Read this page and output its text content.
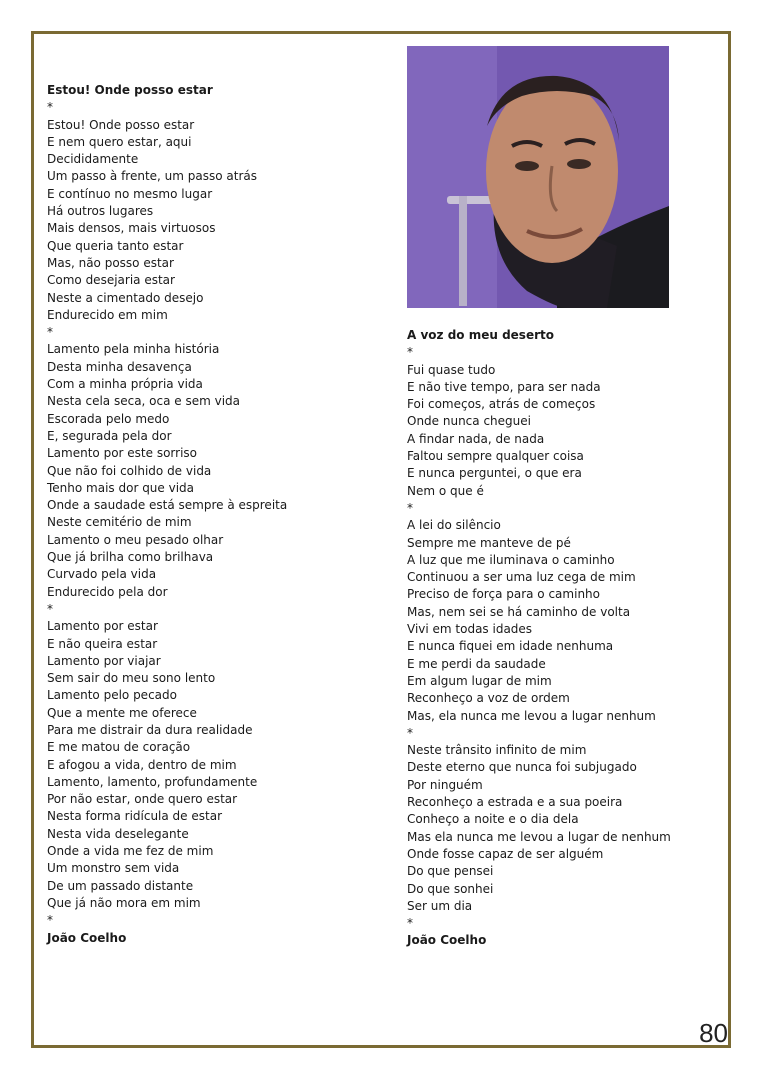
Estou! Onde posso estar
*
Estou! Onde posso estar
E nem quero estar, aqui
Decididamente
Um passo à frente, um passo atrás
E contínuo no mesmo lugar
Há outros lugares
Mais densos, mais virtuosos
Que queria tanto estar
Mas, não posso estar
Como desejaria estar
Neste a cimentado desejo
Endurecido em mim
*
Lamento pela minha história
Desta minha desavença
Com a minha própria vida
Nesta cela seca, oca e sem vida
Escorada pelo medo
E, segurada pela dor
Lamento por este sorriso
Que não foi colhido de vida
Tenho mais dor que vida
Onde a saudade está sempre à espreita
Neste cemitério de mim
Lamento o meu pesado olhar
Que já brilha como brilhava
Curvado pela vida
Endurecido pela dor
*
Lamento por estar
E não queira estar
Lamento por viajar
Sem sair do meu sono lento
Lamento pelo pecado
Que a mente me oferece
Para me distrair da dura realidade
E me matou de coração
E afogou a vida, dentro de mim
Lamento, lamento, profundamente
Por não estar, onde quero estar
Nesta forma ridícula de estar
Nesta vida deselegante
Onde a vida me fez de mim
Um monstro sem vida
De um passado distante
Que já não mora em mim
*
João Coelho
A voz do meu deserto
*
Fui quase tudo
E não tive tempo, para ser nada
Foi começos, atrás de começos
Onde nunca cheguei
A findar nada, de nada
Faltou sempre qualquer coisa
E nunca perguntei, o que era
Nem o que é
*
A lei do silêncio
Sempre me manteve de pé
A luz que me iluminava o caminho
Continuou a ser uma luz cega de mim
Preciso de força para o caminho
Mas, nem sei se há caminho de volta
Vivi em todas idades
E nunca fiquei em idade nenhuma
E me perdi da saudade
Em algum lugar de mim
Reconheço a voz de ordem
Mas, ela nunca me levou a lugar nenhum
*
Neste trânsito infinito de mim
Deste eterno que nunca foi subjugado
Por ninguém
Reconheço a estrada e a sua poeira
Conheço a noite e o dia dela
Mas ela nunca me levou a lugar de nenhum
Onde fosse capaz de ser alguém
Do que pensei
Do que sonhei
Ser um dia
*
João Coelho
80
